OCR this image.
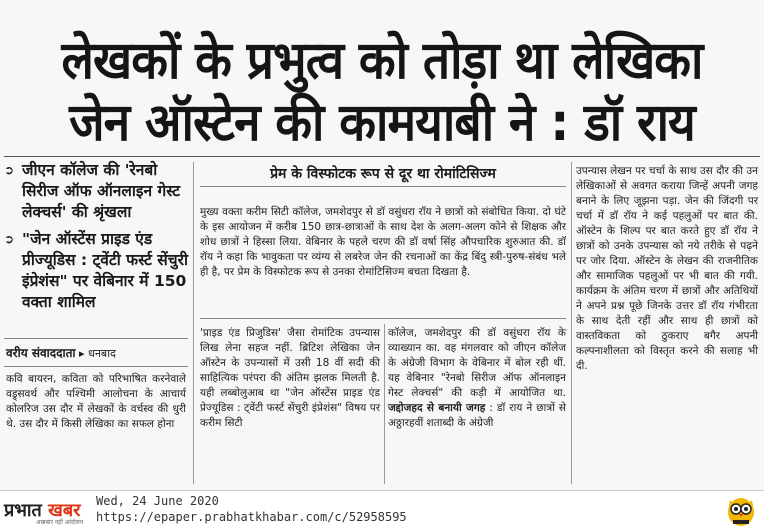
लेखकों के प्रभुत्व को तोड़ा था लेखिका
जेन ऑस्टेन की कामयाबी ने : डॉ राय
➲ जीएन कॉलेज की 'रेनबो सिरीज ऑफ ऑनलाइन गेस्ट लेक्चर्स' की श्रृंखला
➲ "जेन ऑस्टेंस प्राइड एंड प्रीज्यूडिस : ट्वेंटी फर्स्ट सेंचुरी इंप्रेशंस" पर वेबिनार में 150 वक्ता शामिल
वरीय संवाददाता ▸ धनबाद
कवि बायरन, कविता को परिभाषित करनेवाले वड्र्सवर्थ और पश्चिमी आलोचना के आचार्य कोलरिज उस दौर में लेखकों के वर्चस्व की धुरी थे. उस दौर में किसी लेखिका का सफल होना
प्रेम के विस्फोटक रूप से दूर था रोमांटिसिज्म
मुख्य वक्ता करीम सिटी कॉलेज, जमशेदपुर से डॉ वसुंधरा रॉय ने छात्रों को संबोधित किया. दो घंटे के इस आयोजन में करीब 150 छात्र-छात्राओं के साथ देश के अलग-अलग कोने से शिक्षक और शोध छात्रों ने हिस्सा लिया. वेबिनार के पहले चरण की डॉ वर्षा सिंह औपचारिक शुरुआत की. डॉ रॉय ने कहा कि भावुकता पर व्यंग्य से लबरेज जेन की रचनाओं का केंद्र बिंदु स्त्री-पुरुष-संबंध भले ही है, पर प्रेम के विस्फोटक रूप से उनका रोमांटिसिज्म बचता दिखता है.
'प्राइड एंड प्रिजुडिस' जैसा रोमांटिक उपन्यास लिख लेना सहज नहीं. ब्रिटिश लेखिका जेन ऑस्टेन के उपन्यासों में उसी 18 वीं सदी की साहित्यिक परंपरा की अंतिम झलक मिलती है. यही लब्बोलुआब था "जेन ऑस्टेंस प्राइड एंड प्रेज्यूडिस : ट्वेंटी फर्स्ट सेंचुरी इंप्रेशंस" विषय पर करीम सिटी
कॉलेज, जमशेदपुर की डॉ वसुंधरा रॉय के व्याख्यान का. वह मंगलवार को जीएन कॉलेज के अंग्रेजी विभाग के वेबिनार में बोल रही थीं. यह वेबिनार "रेनबो सिरीज ऑफ ऑनलाइन गेस्ट लेक्चर्स" की कड़ी में आयोजित था. जद्दोजहद से बनायी जगह : डॉ राय ने छात्रों से अठ्ठारहवीं शताब्दी के अंग्रेजी
उपन्यास लेखन पर चर्चा के साथ उस दौर की उन लेखिकाओं से अवगत कराया जिन्हें अपनी जगह बनाने के लिए जूझना पड़ा. जेन की जिंदगी पर चर्चा में डॉ रॉय ने कई पहलुओं पर बात की. ऑस्टेन के शिल्प पर बात करते हुए डॉ रॉय ने छात्रों को उनके उपन्यास को नये तरीके से पढ़ने पर जोर दिया. ऑस्टेन के लेखन की राजनीतिक और सामाजिक पहलुओं पर भी बात की गयी. कार्यक्रम के अंतिम चरण में छात्रों और अतिथियों ने अपने प्रश्न पूछे जिनके उत्तर डॉ रॉय गंभीरता के साथ देती रहीं और साथ ही छात्रों को वास्तविकता को ठुकराए बगैर अपनी कल्पनाशीलता को विस्तृत करने की सलाह भी दी.
प्रभात खबर
अखबार नहीं आंदोलन
Wed, 24 June 2020
https://epaper.prabhatkhabar.com/c/52958595
